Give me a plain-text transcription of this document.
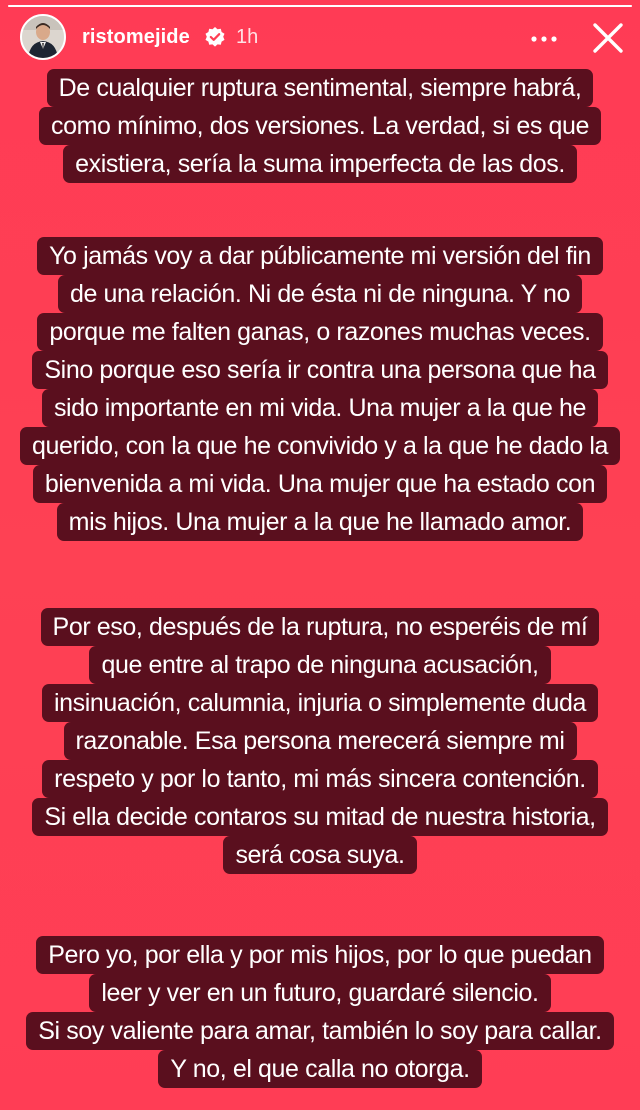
ristomejide 1h
De cualquier ruptura sentimental, siempre habrá,
como mínimo, dos versiones. La verdad, si es que
existiera, sería la suma imperfecta de las dos.
Yo jamás voy a dar públicamente mi versión del fin
de una relación. Ni de ésta ni de ninguna. Y no
porque me falten ganas, o razones muchas veces.
Sino porque eso sería ir contra una persona que ha
sido importante en mi vida. Una mujer a la que he
querido, con la que he convivido y a la que he dado la
bienvenida a mi vida. Una mujer que ha estado con
mis hijos. Una mujer a la que he llamado amor.
Por eso, después de la ruptura, no esperéis de mí
que entre al trapo de ninguna acusación,
insinuación, calumnia, injuria o simplemente duda
razonable. Esa persona merecerá siempre mi
respeto y por lo tanto, mi más sincera contención.
Si ella decide contaros su mitad de nuestra historia,
será cosa suya.
Pero yo, por ella y por mis hijos, por lo que puedan
leer y ver en un futuro, guardaré silencio.
Si soy valiente para amar, también lo soy para callar.
Y no, el que calla no otorga.
